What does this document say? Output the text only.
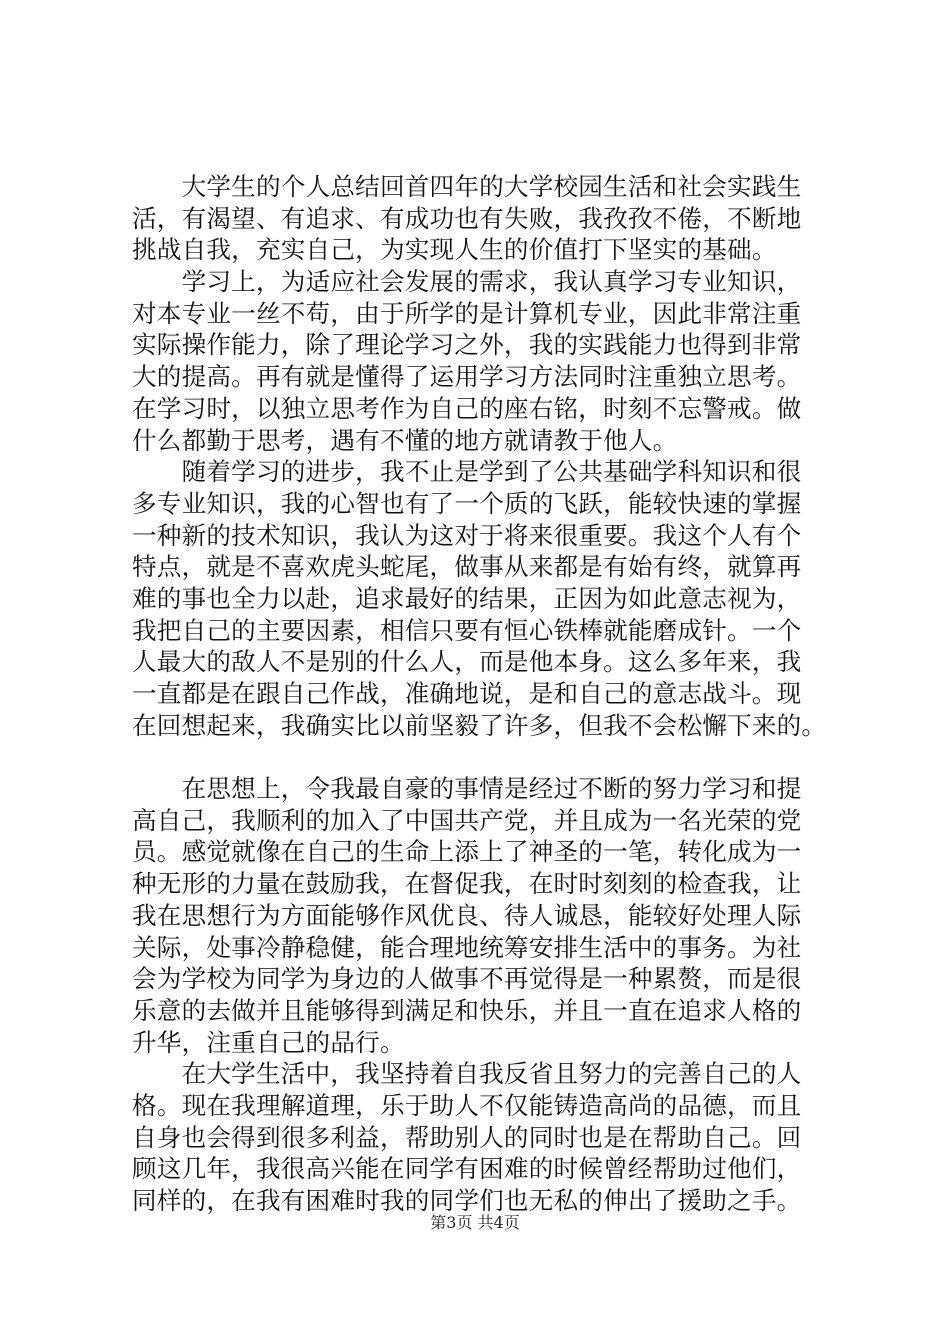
　　大学生的个人总结回首四年的大学校园生活和社会实践生
活，有渴望、有追求、有成功也有失败，我孜孜不倦，不断地
挑战自我，充实自己，为实现人生的价值打下坚实的基础。
　　学习上，为适应社会发展的需求，我认真学习专业知识，
对本专业一丝不苟，由于所学的是计算机专业，因此非常注重
实际操作能力，除了理论学习之外，我的实践能力也得到非常
大的提高。再有就是懂得了运用学习方法同时注重独立思考。
在学习时，以独立思考作为自己的座右铭，时刻不忘警戒。做
什么都勤于思考，遇有不懂的地方就请教于他人。
　　随着学习的进步，我不止是学到了公共基础学科知识和很
多专业知识，我的心智也有了一个质的飞跃，能较快速的掌握
一种新的技术知识，我认为这对于将来很重要。我这个人有个
特点，就是不喜欢虎头蛇尾，做事从来都是有始有终，就算再
难的事也全力以赴，追求最好的结果，正因为如此意志视为，
我把自己的主要因素，相信只要有恒心铁棒就能磨成针。一个
人最大的敌人不是别的什么人，而是他本身。这么多年来，我
一直都是在跟自己作战，准确地说，是和自己的意志战斗。现
在回想起来，我确实比以前坚毅了许多，但我不会松懈下来的。
　　在思想上，令我最自豪的事情是经过不断的努力学习和提
高自己，我顺利的加入了中国共产党，并且成为一名光荣的党
员。感觉就像在自己的生命上添上了神圣的一笔，转化成为一
种无形的力量在鼓励我，在督促我，在时时刻刻的检查我，让
我在思想行为方面能够作风优良、待人诚恳，能较好处理人际
关际，处事冷静稳健，能合理地统筹安排生活中的事务。为社
会为学校为同学为身边的人做事不再觉得是一种累赘，而是很
乐意的去做并且能够得到满足和快乐，并且一直在追求人格的
升华，注重自己的品行。
　　在大学生活中，我坚持着自我反省且努力的完善自己的人
格。现在我理解道理，乐于助人不仅能铸造高尚的品德，而且
自身也会得到很多利益，帮助别人的同时也是在帮助自己。回
顾这几年，我很高兴能在同学有困难的时候曾经帮助过他们，
同样的，在我有困难时我的同学们也无私的伸出了援助之手。
第3页 共4页
